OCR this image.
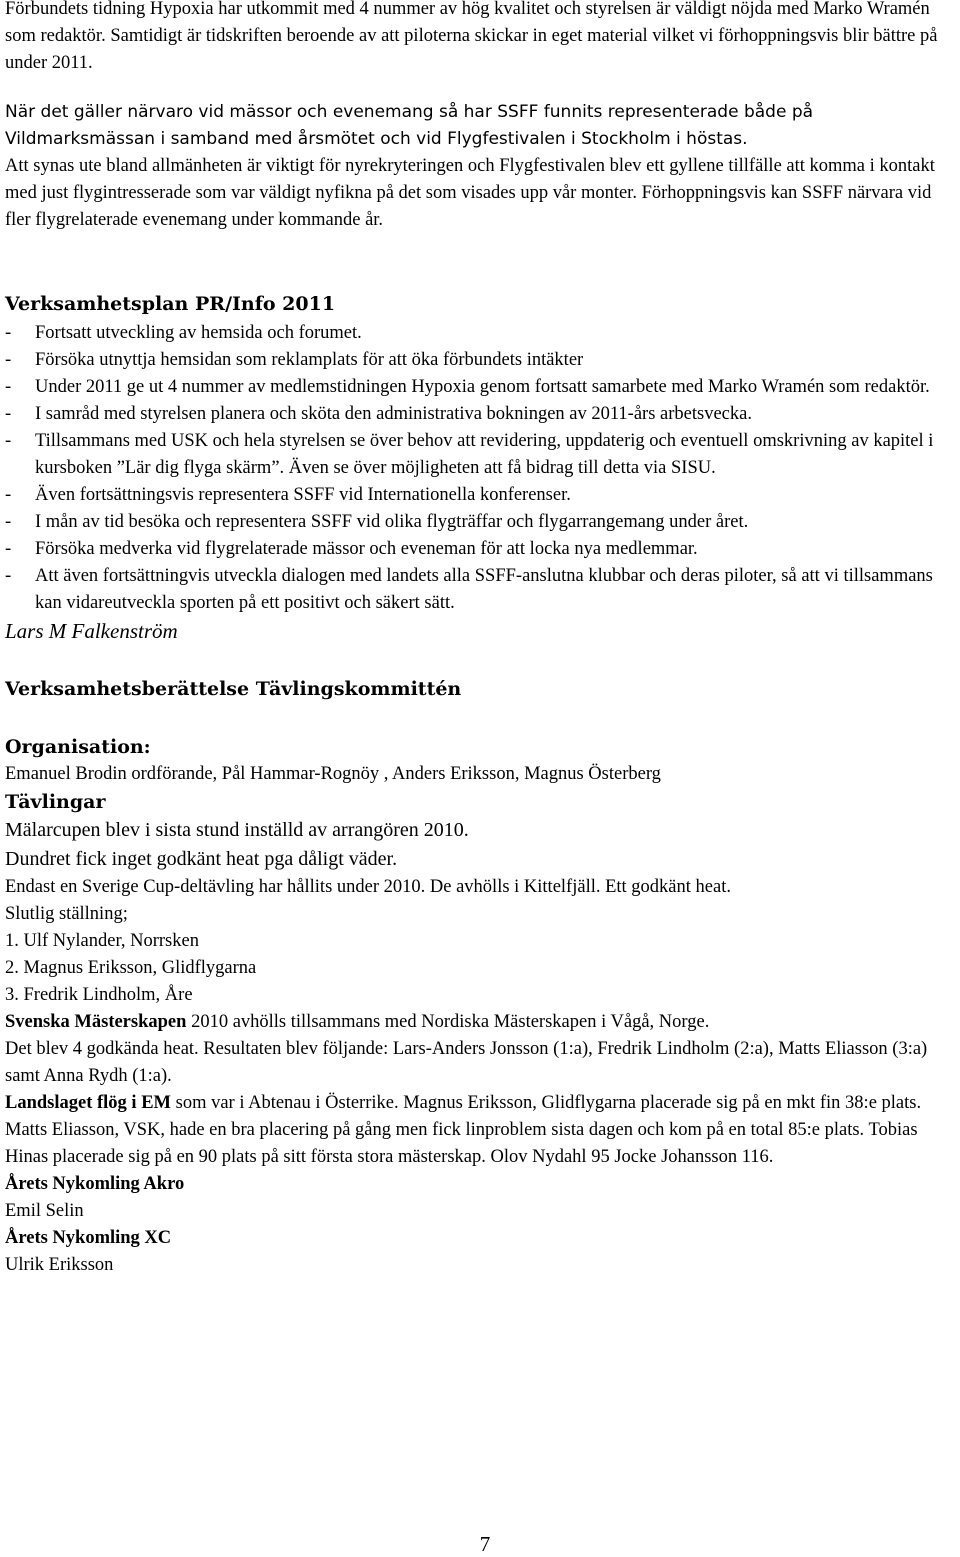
Förbundets tidning Hypoxia har utkommit med 4 nummer av hög kvalitet och styrelsen är väldigt nöjda med Marko Wramén som redaktör. Samtidigt är tidskriften beroende av att piloterna skickar in eget material vilket vi förhoppningsvis blir bättre på under 2011.

När det gäller närvaro vid mässor och evenemang så har SSFF funnits representerade både på Vildmarksmässan i samband med årsmötet och vid Flygfestivalen i Stockholm i höstas.

Att synas ute bland allmänheten är viktigt för nyrekryteringen och Flygfestivalen blev ett gyllene tillfälle att komma i kontakt med just flygintresserade som var väldigt nyfikna på det som visades upp vår monter. Förhoppningsvis kan SSFF närvara vid fler flygrelaterade evenemang under kommande år.

Verksamhetsplan PR/Info 2011

- Fortsatt utveckling av hemsida och forumet.
- Försöka utnyttja hemsidan som reklamplats för att öka förbundets intäkter
- Under 2011 ge ut 4 nummer av medlemstidningen Hypoxia genom fortsatt samarbete med Marko Wramén som redaktör.
- I samråd med styrelsen planera och sköta den administrativa bokningen av 2011-års arbetsvecka.
- Tillsammans med USK och hela styrelsen se över behov att revidering, uppdaterig och eventuell omskrivning av kapitel i kursboken ”Lär dig flyga skärm”. Även se över möjligheten att få bidrag till detta via SISU.
- Även fortsättningsvis representera SSFF vid Internationella konferenser.
- I mån av tid besöka och representera SSFF vid olika flygträffar och flygarrangemang under året.
- Försöka medverka vid flygrelaterade mässor och eveneman för att locka nya medlemmar.
- Att även fortsättningvis utveckla dialogen med landets alla SSFF-anslutna klubbar och deras piloter, så att vi tillsammans kan vidareutveckla sporten på ett positivt och säkert sätt.

Lars M Falkenström

Verksamhetsberättelse Tävlingskommittén

Organisation:

Emanuel Brodin ordförande, Pål Hammar-Rognöy , Anders Eriksson, Magnus Österberg

Tävlingar

Mälarcupen blev i sista stund inställd av arrangören 2010.

Dundret fick inget godkänt heat pga dåligt väder.

Endast en Sverige Cup-deltävling har hållits under 2010. De avhölls i Kittelfjäll. Ett godkänt heat.

Slutlig ställning;

1. Ulf Nylander, Norrsken

2. Magnus Eriksson, Glidflygarna

3. Fredrik Lindholm, Åre

Svenska Mästerskapen 2010 avhölls tillsammans med Nordiska Mästerskapen i Vågå, Norge.

Det blev 4 godkända heat. Resultaten blev följande: Lars-Anders Jonsson (1:a), Fredrik Lindholm (2:a), Matts Eliasson (3:a) samt Anna Rydh (1:a).

Landslaget flög i EM som var i Abtenau i Österrike. Magnus Eriksson, Glidflygarna placerade sig på en mkt fin 38:e plats. Matts Eliasson, VSK, hade en bra placering på gång men fick linproblem sista dagen och kom på en total 85:e plats. Tobias Hinas placerade sig på en 90 plats på sitt första stora mästerskap. Olov Nydahl 95 Jocke Johansson 116.

Årets Nykomling Akro

Emil Selin

Årets Nykomling XC

Ulrik Eriksson

7
